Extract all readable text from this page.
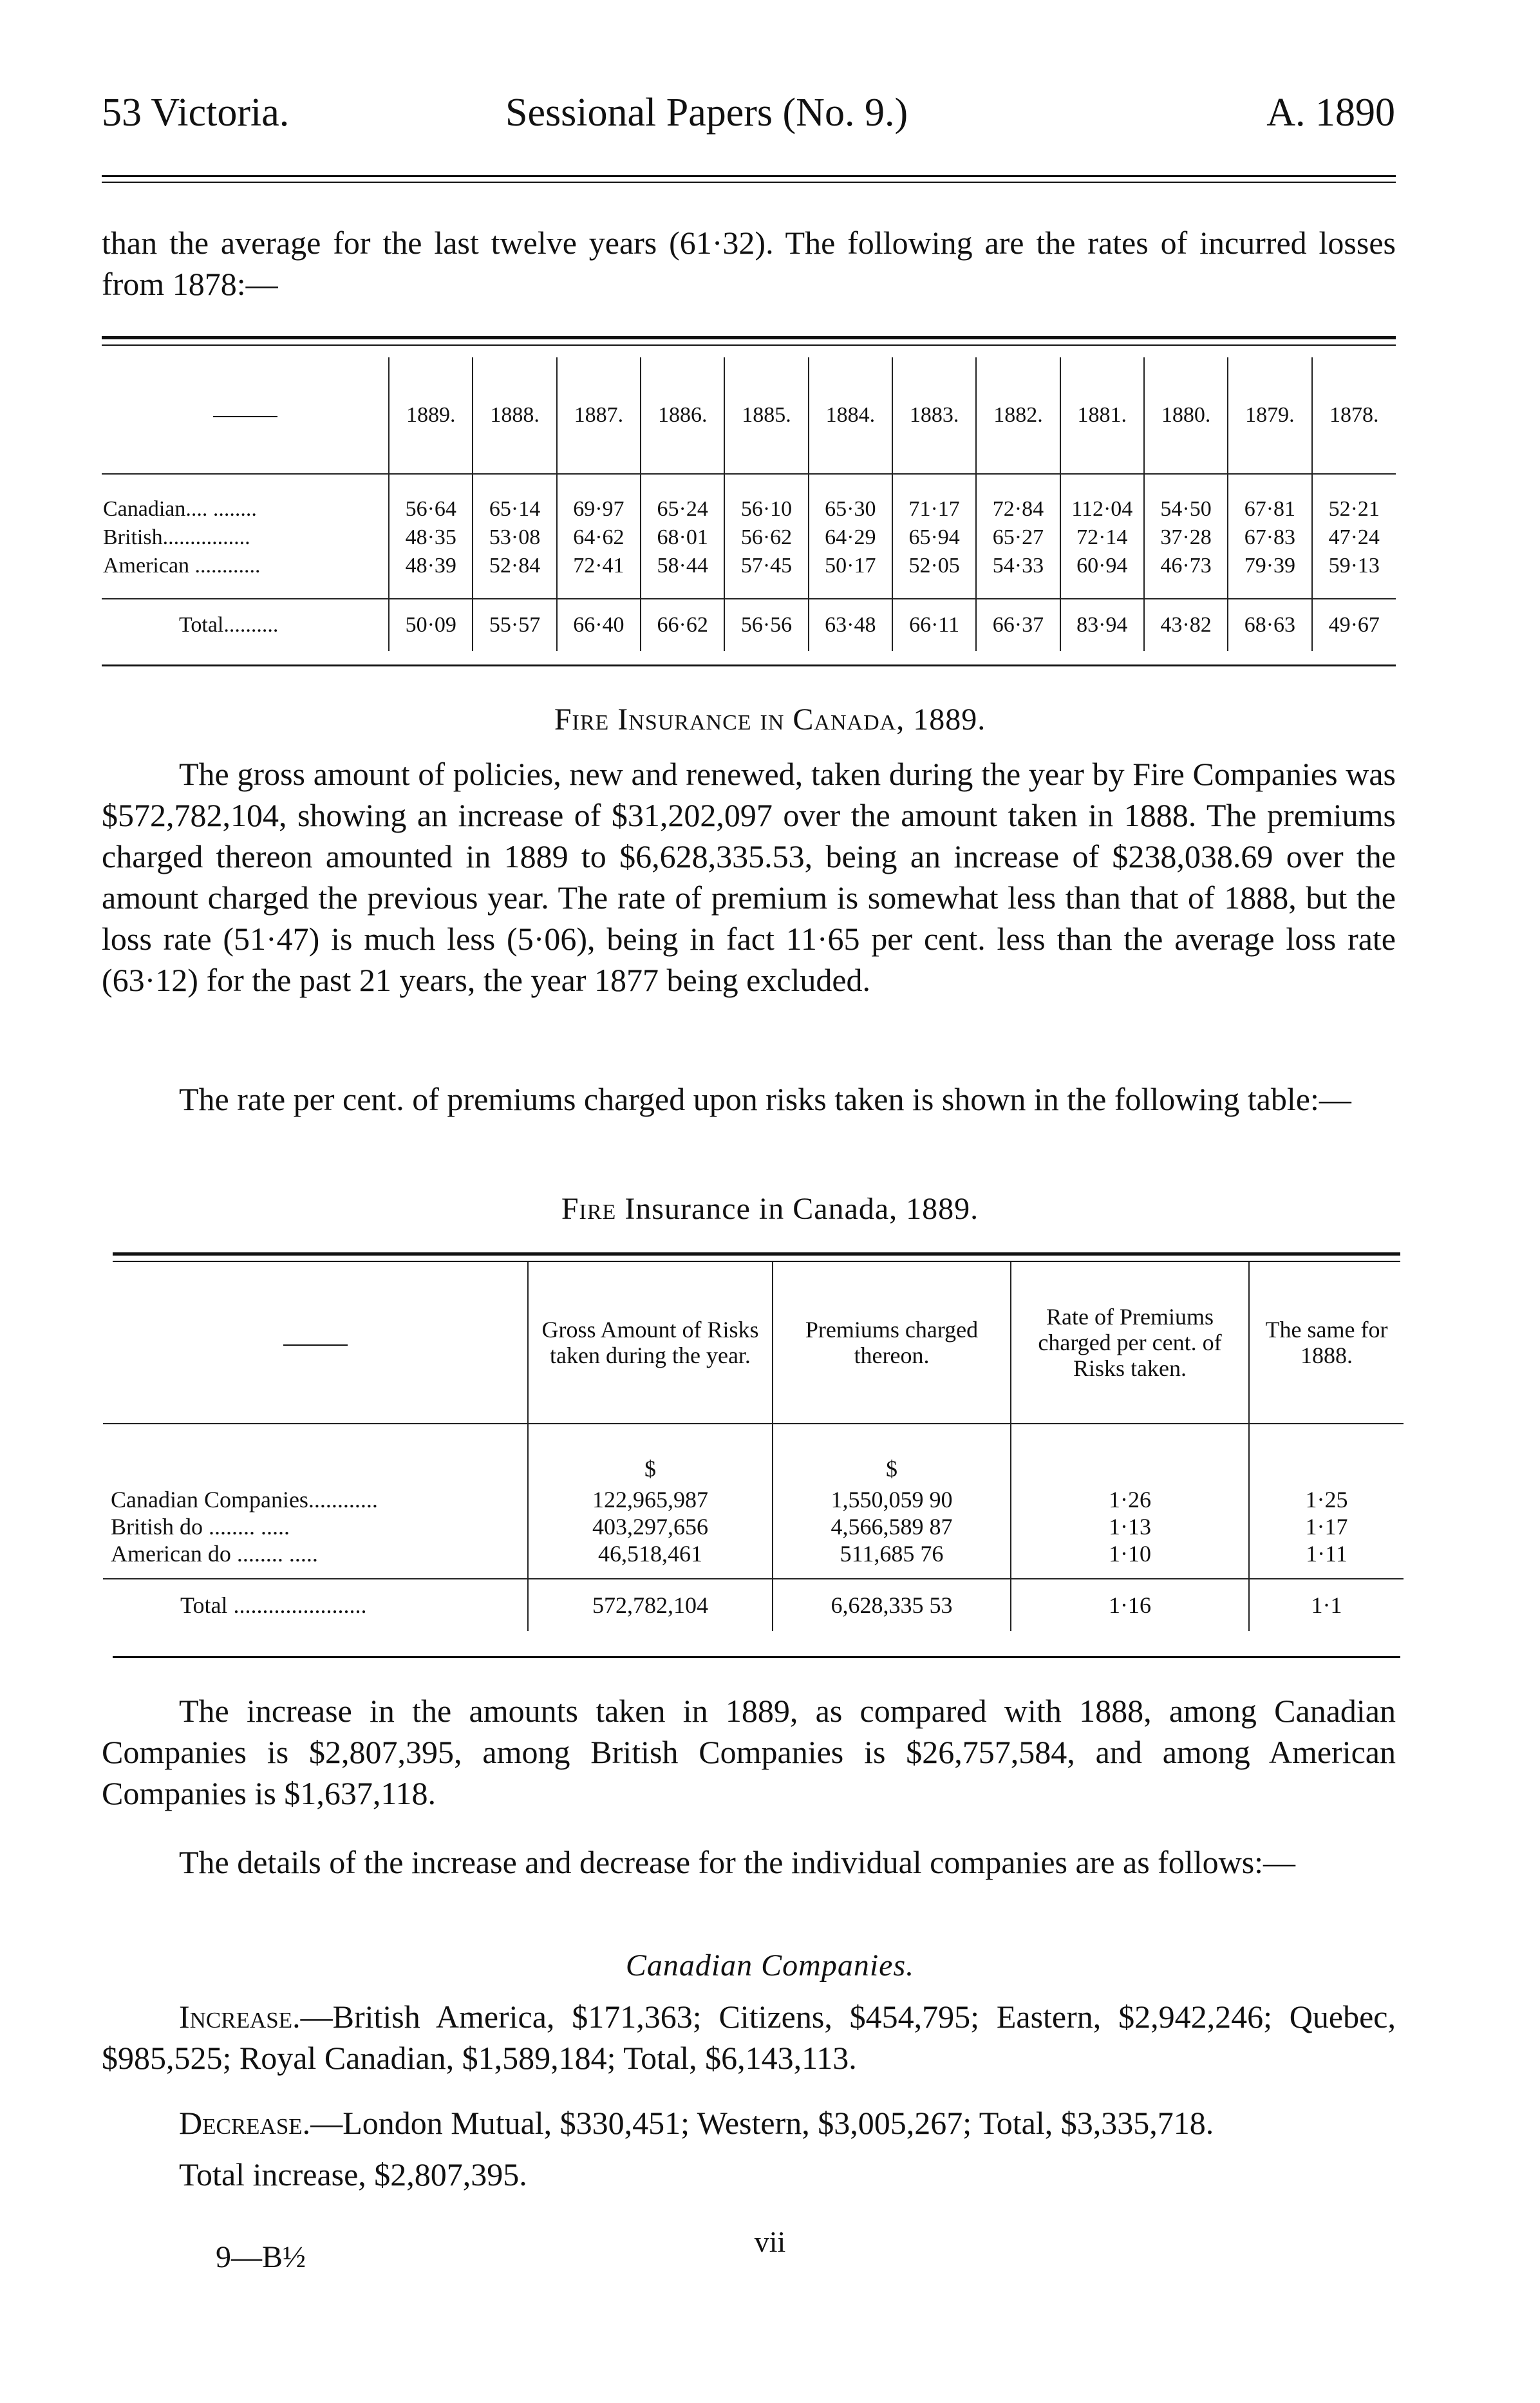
53 Victoria.	Sessional Papers (No. 9.)	A. 1890

than the average for the last twelve years (61·32). The following are the rates of incurred losses from 1878:—

	1889.	1888.	1887.	1886.	1885.	1884.	1883.	1882.	1881.	1880.	1879.	1878.

Canadian.... ........	56·64	65·14	69·97	65·24	56·10	65·30	71·17	72·84	112·04	54·50	67·81	52·21
British................	48·35	53·08	64·62	68·01	56·62	64·29	65·94	65·27	72·14	37·28	67·83	47·24
American ............	48·39	52·84	72·41	58·44	57·45	50·17	52·05	54·33	60·94	46·73	79·39	59·13

Total..........	50·09	55·57	66·40	66·62	56·56	63·48	66·11	66·37	83·94	43·82	68·63	49·67
Fire Insurance in Canada, 1889.

The gross amount of policies, new and renewed, taken during the year by Fire Companies was $572,782,104, showing an increase of $31,202,097 over the amount taken in 1888. The premiums charged thereon amounted in 1889 to $6,628,335.53, being an increase of $238,038.69 over the amount charged the previous year. The rate of premium is somewhat less than that of 1888, but the loss rate (51·47) is much less (5·06), being in fact 11·65 per cent. less than the average loss rate (63·12) for the past 21 years, the year 1877 being excluded.

The rate per cent. of premiums charged upon risks taken is shown in the following table:—

Fire Insurance in Canada, 1889.
	Gross Amount of Risks taken during the year.	Premiums charged thereon.	Rate of Premiums charged per cent. of Risks taken.	The same for 1888.
	$	$		
Canadian Companies............	122,965,987	1,550,059 90	1·26	1·25
British do ........ .....	403,297,656	4,566,589 87	1·13	1·17
American do ........ .....	46,518,461	511,685 76	1·10	1·11

Total .......................	572,782,104	6,628,335 53	1·16	1·1

The increase in the amounts taken in 1889, as compared with 1888, among Canadian Companies is $2,807,395, among British Companies is $26,757,584, and among American Companies is $1,637,118.

The details of the increase and decrease for the individual companies are as follows:—

Canadian Companies.

Increase.—British America, $171,363; Citizens, $454,795; Eastern, $2,942,246; Quebec, $985,525; Royal Canadian, $1,589,184; Total, $6,143,113.

Decrease.—London Mutual, $330,451; Western, $3,005,267; Total, $3,335,718.

Total increase, $2,807,395.

vii
9—B½
